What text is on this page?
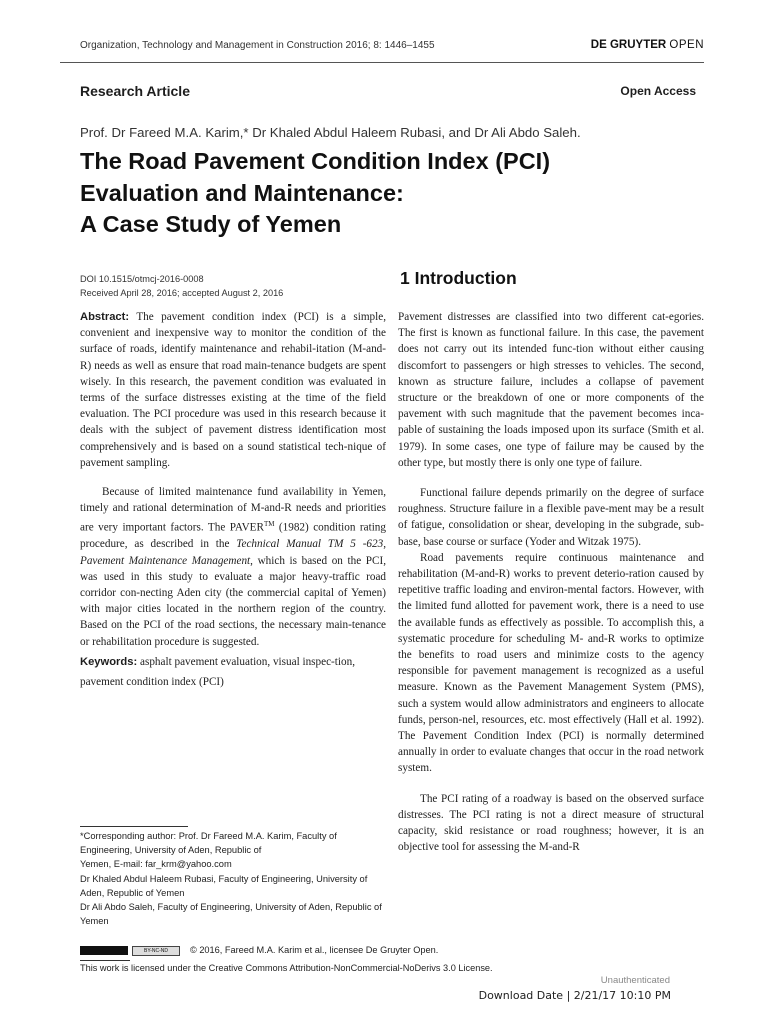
Organization, Technology and Management in Construction 2016; 8: 1446–1455	DE GRUYTER OPEN
Research Article	Open Access
Prof. Dr Fareed M.A. Karim,* Dr Khaled Abdul Haleem Rubasi, and Dr Ali Abdo Saleh.
The Road Pavement Condition Index (PCI)
Evaluation and Maintenance:
A Case Study of Yemen
DOI 10.1515/otmcj-2016-0008
Received April 28, 2016; accepted August 2, 2016
1 Introduction

Abstract: The pavement condition index (PCI) is a simple, convenient and inexpensive way to monitor the condition of the surface of roads, identify maintenance and rehabil-itation (M-and-R) needs as well as ensure that road main-tenance budgets are spent wisely. In this research, the pavement condition was evaluated in terms of the surface distresses existing at the time of the field evaluation. The PCI procedure was used in this research because it deals with the subject of pavement distress identification most comprehensively and is based on a sound statistical tech-nique of pavement sampling.

Because of limited maintenance fund availability in Yemen, timely and rational determination of M-and-R needs and priorities are very important factors. The PAVER™ (1982) condition rating procedure, as described in the Technical Manual TM 5 -623, Pavement Maintenance Management, which is based on the PCI, was used in this study to evaluate a major heavy-traffic road corridor con-necting Aden city (the commercial capital of Yemen) with major cities located in the northern region of the country. Based on the PCI of the road sections, the necessary main-tenance or rehabilitation procedure is suggested.

Keywords: asphalt pavement evaluation, visual inspec-tion, pavement condition index (PCI)

Pavement distresses are classified into two different cat-egories. The first is known as functional failure. In this case, the pavement does not carry out its intended func-tion without either causing discomfort to passengers or high stresses to vehicles. The second, known as structure failure, includes a collapse of pavement structure or the breakdown of one or more components of the pavement with such magnitude that the pavement becomes inca-pable of sustaining the loads imposed upon its surface (Smith et al. 1979). In some cases, one type of failure may be caused by the other type, but mostly there is only one type of failure.

Functional failure depends primarily on the degree of surface roughness. Structure failure in a flexible pave-ment may be a result of fatigue, consolidation or shear, developing in the subgrade, sub-base, base course or surface (Yoder and Witzak 1975).

Road pavements require continuous maintenance and rehabilitation (M-and-R) works to prevent deterio-ration caused by repetitive traffic loading and environ-mental factors. However, with the limited fund allotted for pavement work, there is a need to use the available funds as effectively as possible. To accomplish this, a systematic procedure for scheduling M- and-R works to optimize the benefits to road users and minimize costs to the agency responsible for pavement management is recognized as a useful measure. Known as the Pavement Management System (PMS), such a system would allow administrators and engineers to allocate funds, person-nel, resources, etc. most effectively (Hall et al. 1992). The Pavement Condition Index (PCI) is normally determined annually in order to evaluate changes that occur in the road network system.

The PCI rating of a roadway is based on the observed surface distresses. The PCI rating is not a direct measure of structural capacity, skid resistance or road roughness; however, it is an objective tool for assessing the M-and-R

*Corresponding author: Prof. Dr Fareed M.A. Karim, Faculty of Engineering, University of Aden, Republic of

Yemen, E-mail: far_krm@yahoo.com

Dr Khaled Abdul Haleem Rubasi, Faculty of Engineering, University of Aden, Republic of Yemen

Dr Ali Abdo Saleh, Faculty of Engineering, University of Aden, Republic of Yemen

BY-NC-ND	© 2016, Fareed M.A. Karim et al., licensee De Gruyter Open.
This work is licensed under the Creative Commons Attribution-NonCommercial-NoDerivs 3.0 License.
Unauthenticated
Download Date | 2/21/17 10:10 PM
